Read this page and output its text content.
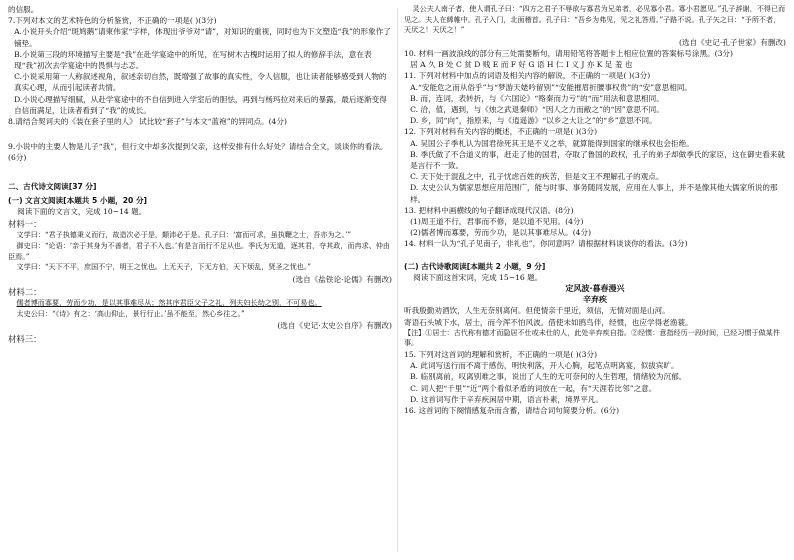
的信服。

7.下列对本文的艺术特色的分析鉴赏，不正确的一项是( )(3分)

A.小说开头介绍“斑鸠鹅”请柬伟家“字样，体现出爷爷对“请”，对知识的重视，同时也为下文塑造“我”的形象作了铺垫。

B.小说第三段的环境描写主要是“我”在赴学宴途中的所见，在写树木古槐时运用了拟人的修辞手法，意在表现“我”初次去学宴途中的畏惧与忐忑。

C.小说采用第一人称叙述视角，叙述亲切自然，既增强了故事的真实性，令人信服，也让读者能够感受到人物的真实心理，从而引起读者共情。

D.小说心理描写细腻，从赴学宴途中的不自信到进入学室后的胆怯，再到与杨玛拉对来后的暴露，最后逐渐变得自信而满足，让读者看到了“我”的成长。

8.请结合契诃夫的《装在套子里的人》 试比较“套子”与本文“蓝袍”的异同点。(4分)

9.小说中的主要人物是儿子“我”，但行文中却多次提到父亲，这样安排有什么好处？请结合全文，谈谈你的看法。(6分)

二、古代诗文阅读[37 分]

(一) 文言文阅读[本题共 5 小题，20 分]

阅读下面的文言文，完成 10~14 题。

材料一：

文学曰：“君子执德秉义而行，故造次必于是，颠沛必于是。孔子曰：‘富而可求，虽执鞭之士，吾亦为之。’”

御史曰：“论语：‘亲于其身为不善者，君子不入也。’有是言而行不足从也。季氏为无道，逐其君，夺其政，而冉求、仲由臣焉。”

文学曰：“天下不平，庶国不宁，明王之忧也。上无天子，下无方伯，天下烦乱，贤圣之忧也。”

(选自《盐铁论·论儒》有删改)

材料二：

儒者博而寡要，劳而少功，是以其事难尽从；然其序君臣父子之礼，列夫妇长幼之别，不可易也。

太史公曰：“《诗》有之：‘高山仰止，景行行止。’虽不能至，然心乡往之。”

(选自《史记·太史公自序》有删改)

材料三：

灵公夫人南子者，使人谓孔子曰：“四方之君子不辱欲与寡君为兄弟者，必见寡小君。寡小君愿见。”孔子辞谢，不得已而见之。夫人在絺帷中。孔子入门，北面稽首。孔子曰：“吾乡为弗见，见之礼答焉。”子路不说。孔子矢之曰：“予所不者，天厌之！天厌之！”

(选自《史记·孔子世家》有删改)

10. 材料一画波浪线的部分有三处需要断句，请用铅笔将答题卡上相应位置的答案标号涂黑。(3分)

居 A 久 B 处 C 贫 D 贱 E 而 F 好 G 语 H 仁 I 义 J 亦 K 足 羞 也

11. 下列对材料中加点的词语及相关内容的解说，不正确的一项是( )(3分)

A.“安能危之而从俗乎”与“梦游天姥吟留别”“安能摧眉折腰事权贵”的“安”意思相同。

B. 而，连词，表转折，与《六国论》“赂秦而力亏”的“而”用法和意思相同。

C. 洽，值，遇到，与《烛之武退秦师》“因人之力而敝之”的“因”意思不同。

D. 乡，同“向”，指原来，与《逍遥游》“以乡之大让之”的“乡”意思不同。

12. 下列对材料有关内容的概述，不正确的一项是( )(3分)

A. 吴国公子季札认为国君徐死其王是不义之举，就算能得到国家的继承权也会拒绝。

B. 季氏做了不合道义的事，赶走了他的国君，夺取了鲁国的政权，孔子的弟子却做季氏的家臣，这在御史看来就是言行不一致。

C. 天下处于混乱之中，孔子忧虑百姓的疾苦，但是文王不理解孔子的观点。

D. 太史公认为儒家思想应用范围广，能与时事、事务随同发展，应用在人事上，并不是像其他大儒家所说的那样。

13. 把材料中画横线的句子翻译成现代汉语。(8分)

(1)周王道不行，君事而不修，是以道不见用。(4分)

(2)儒者博而寡要，劳而少功，是以其事难尽从。(4分)

14. 材料一认为“孔子见南子，非礼也”，你同意吗？请根据材料谈谈你的看法。(3分)

(二) 古代诗歌阅读[本题共 2 小题，9 分]

阅读下面这首宋词，完成 15~16 题。

定风波·暮春漫兴

辛弃疾

听我殷勤劝酒饮，人生无奈别离何。但使情亲千里近，须信，无情对面是山河。

寄语石头城下水，居士，而今浑不怕风波。借使未如鸥鸟伴，经惯，也应学得老渔蓑。

【注】①居士：古代称有德才而隐居不仕或未仕的人，此处辛弃疾自指。②经惯：意指经历一段时间，已经习惯于做某件事。

15. 下列对这首词的理解和赏析，不正确的一项是( )(3分)

A. 此词写送行而不离于感伤，明快利落，开人心胸，起笔点明离宴，似拔宾旷。

B. 临别离前，叹离别难之事，说出了人生的无可奈何的人生哲理，情绪较为沉郁。

C. 词人把“千里”“近”两个看似矛盾的词放在一起，有“天涯若比邻”之意。

D. 这首词写作于辛弃疾闲居中期，语言朴素，境界平凡。

16. 这首词的下阕情感复杂而含蓄，请结合词句简要分析。(6分)
